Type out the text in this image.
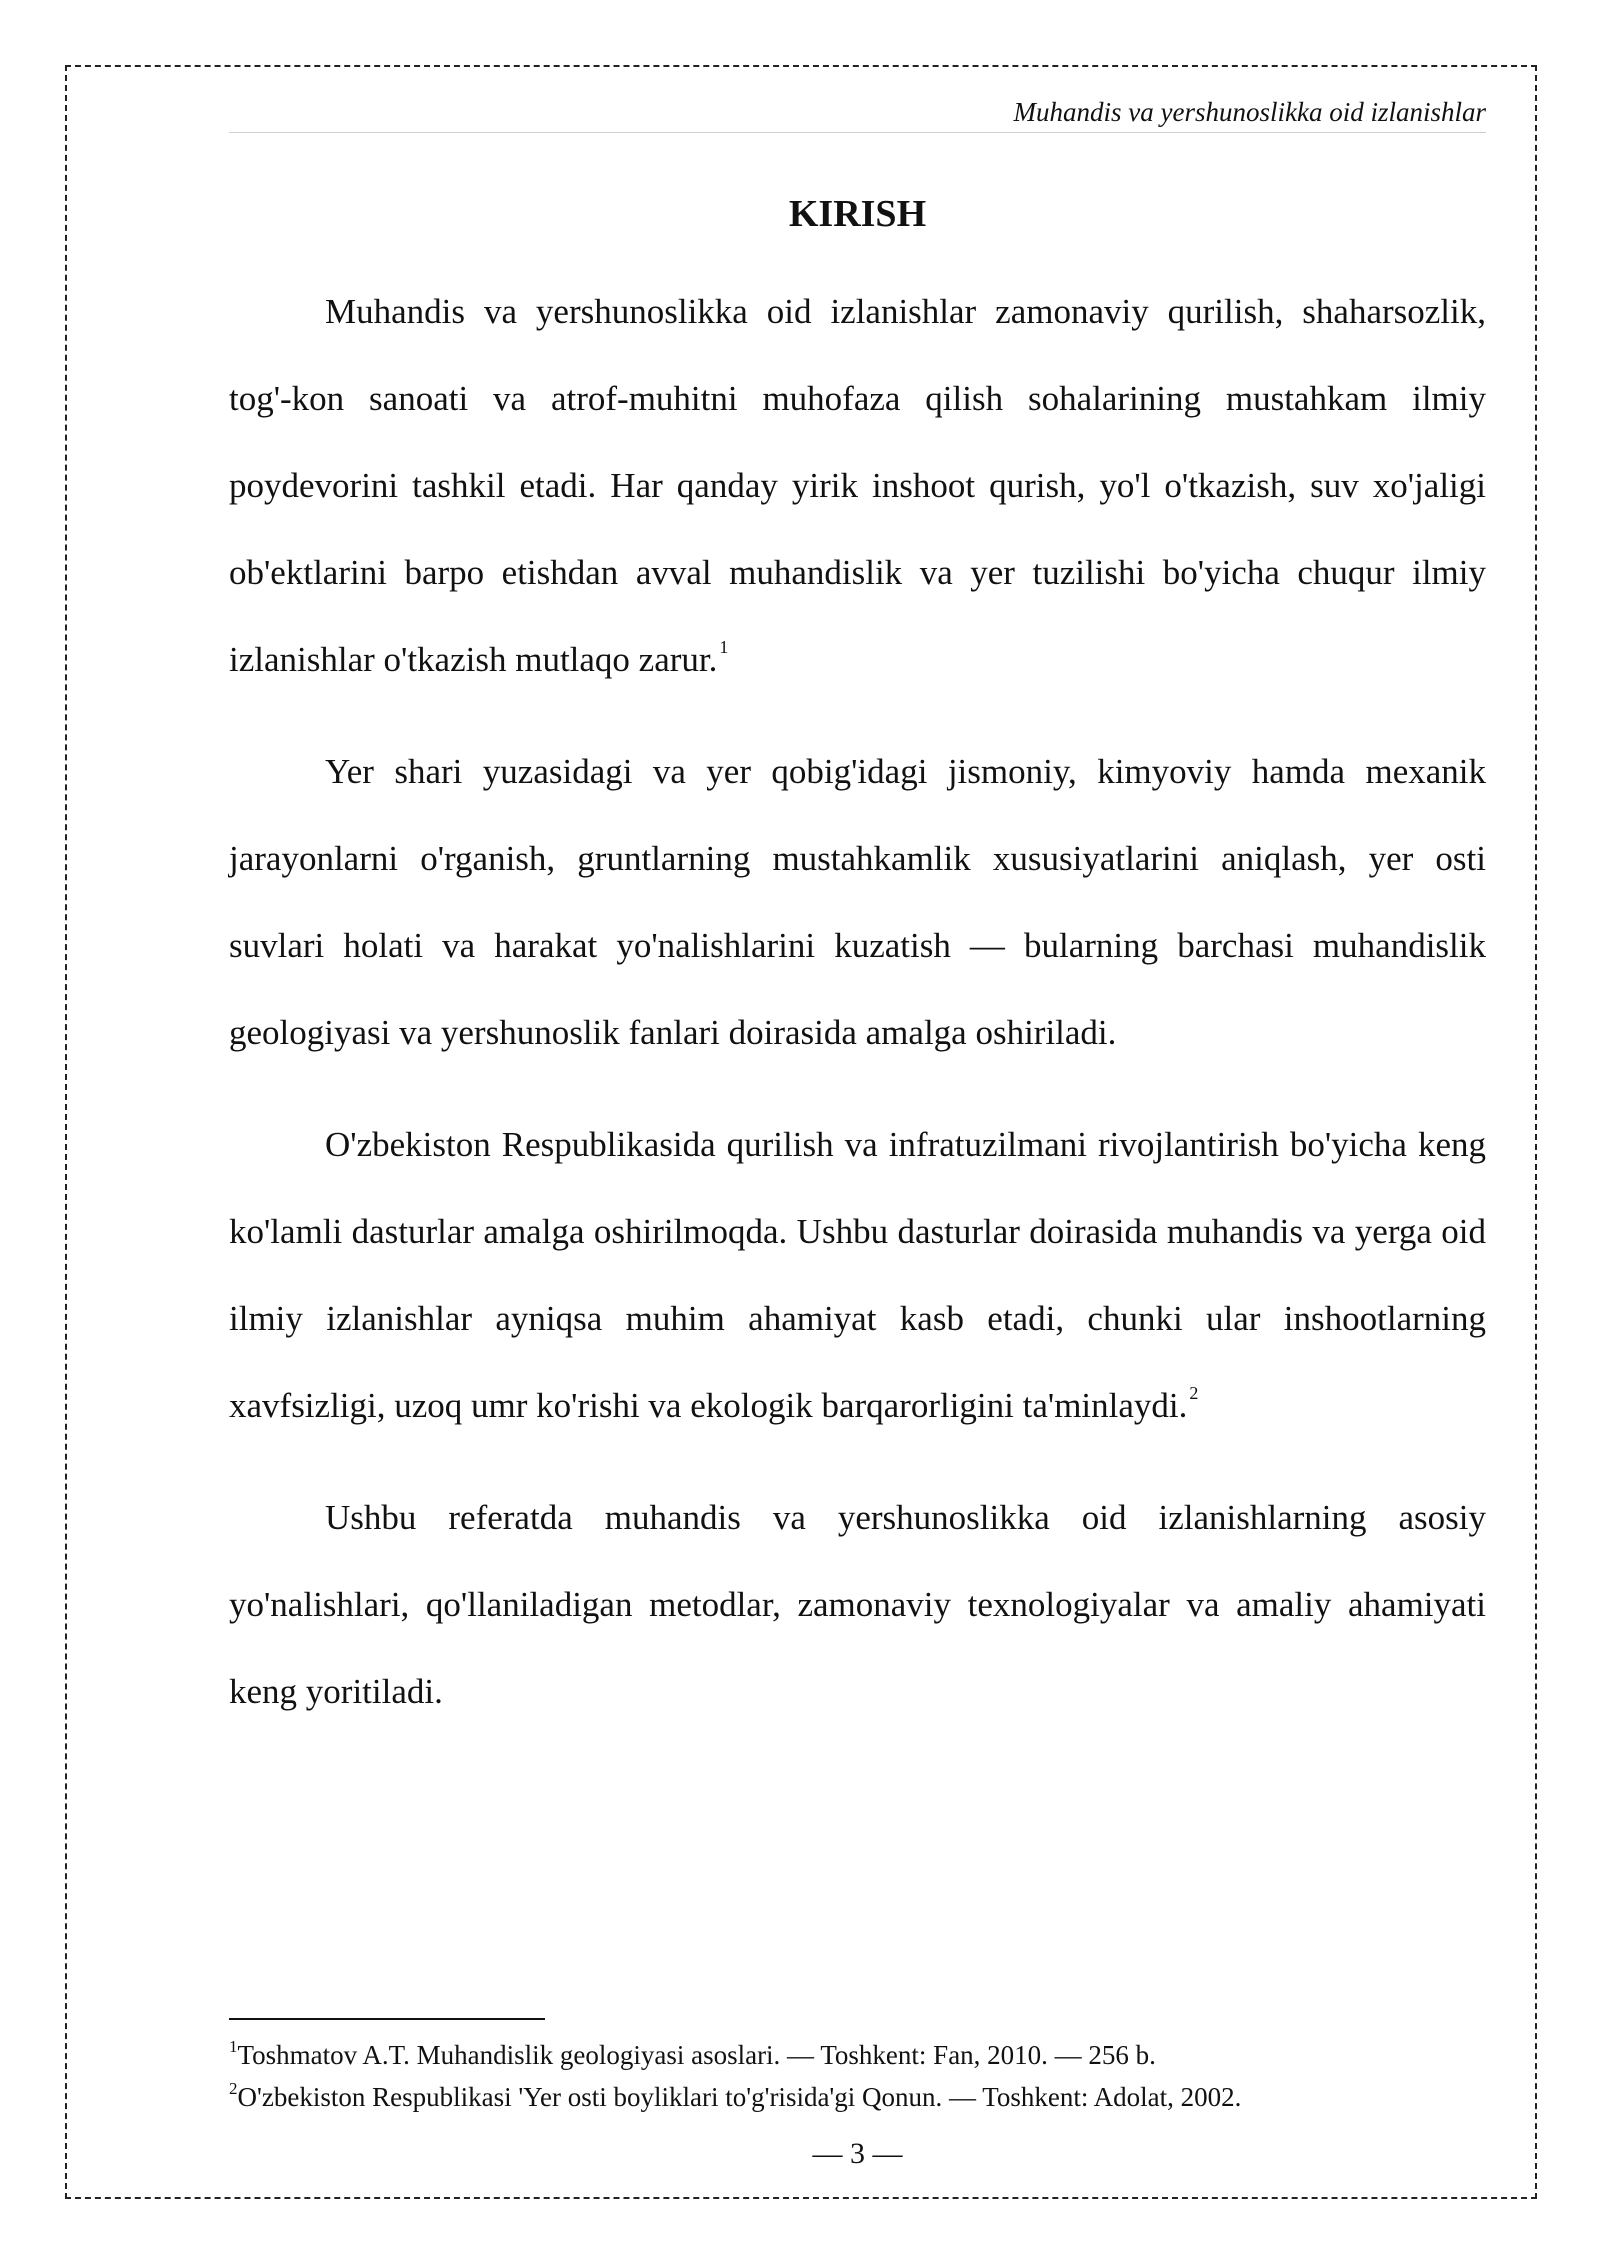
Muhandis va yershunoslikka oid izlanishlar
KIRISH

Muhandis va yershunoslikka oid izlanishlar zamonaviy qurilish, shaharsozlik, tog'-kon sanoati va atrof-muhitni muhofaza qilish sohalarining mustahkam ilmiy poydevorini tashkil etadi. Har qanday yirik inshoot qurish, yo'l o'tkazish, suv xo'jaligi ob'ektlarini barpo etishdan avval muhandislik va yer tuzilishi bo'yicha chuqur ilmiy izlanishlar o'tkazish mutlaqo zarur. $^1$

Yer shari yuzasidagi va yer qobig'idagi jismoniy, kimyoviy hamda mexanik jarayonlarni o'rganish, gruntlarning mustahkamlik xususiyatlarini aniqlash, yer osti suvlari holati va harakat yo'nalishlarini kuzatish — bularning barchasi muhandislik geologiyasi va yershunoslik fanlari doirasida amalga oshiriladi.

O'zbekiston Respublikasida qurilish va infratuzilmani rivojlantirish bo'yicha keng ko'lamli dasturlar amalga oshirilmoqda. Ushbu dasturlar doirasida muhandis va yerga oid ilmiy izlanishlar ayniqsa muhim ahamiyat kasb etadi, chunki ular inshootlarning xavfsizligi, uzoq umr ko'rishi va ekologik barqarorligini ta'minlaydi. $^2$

Ushbu referatda muhandis va yershunoslikka oid izlanishlarning asosiy yo'nalishlari, qo'llaniladigan metodlar, zamonaviy texnologiyalar va amaliy ahamiyati keng yoritiladi.

$^1$Toshmatov A.T. Muhandislik geologiyasi asoslari. — Toshkent: Fan, 2010. — 256 b.

$^2$O'zbekiston Respublikasi 'Yer osti boyliklari to'g'risida'gi Qonun. — Toshkent: Adolat, 2002.

— 3 —
